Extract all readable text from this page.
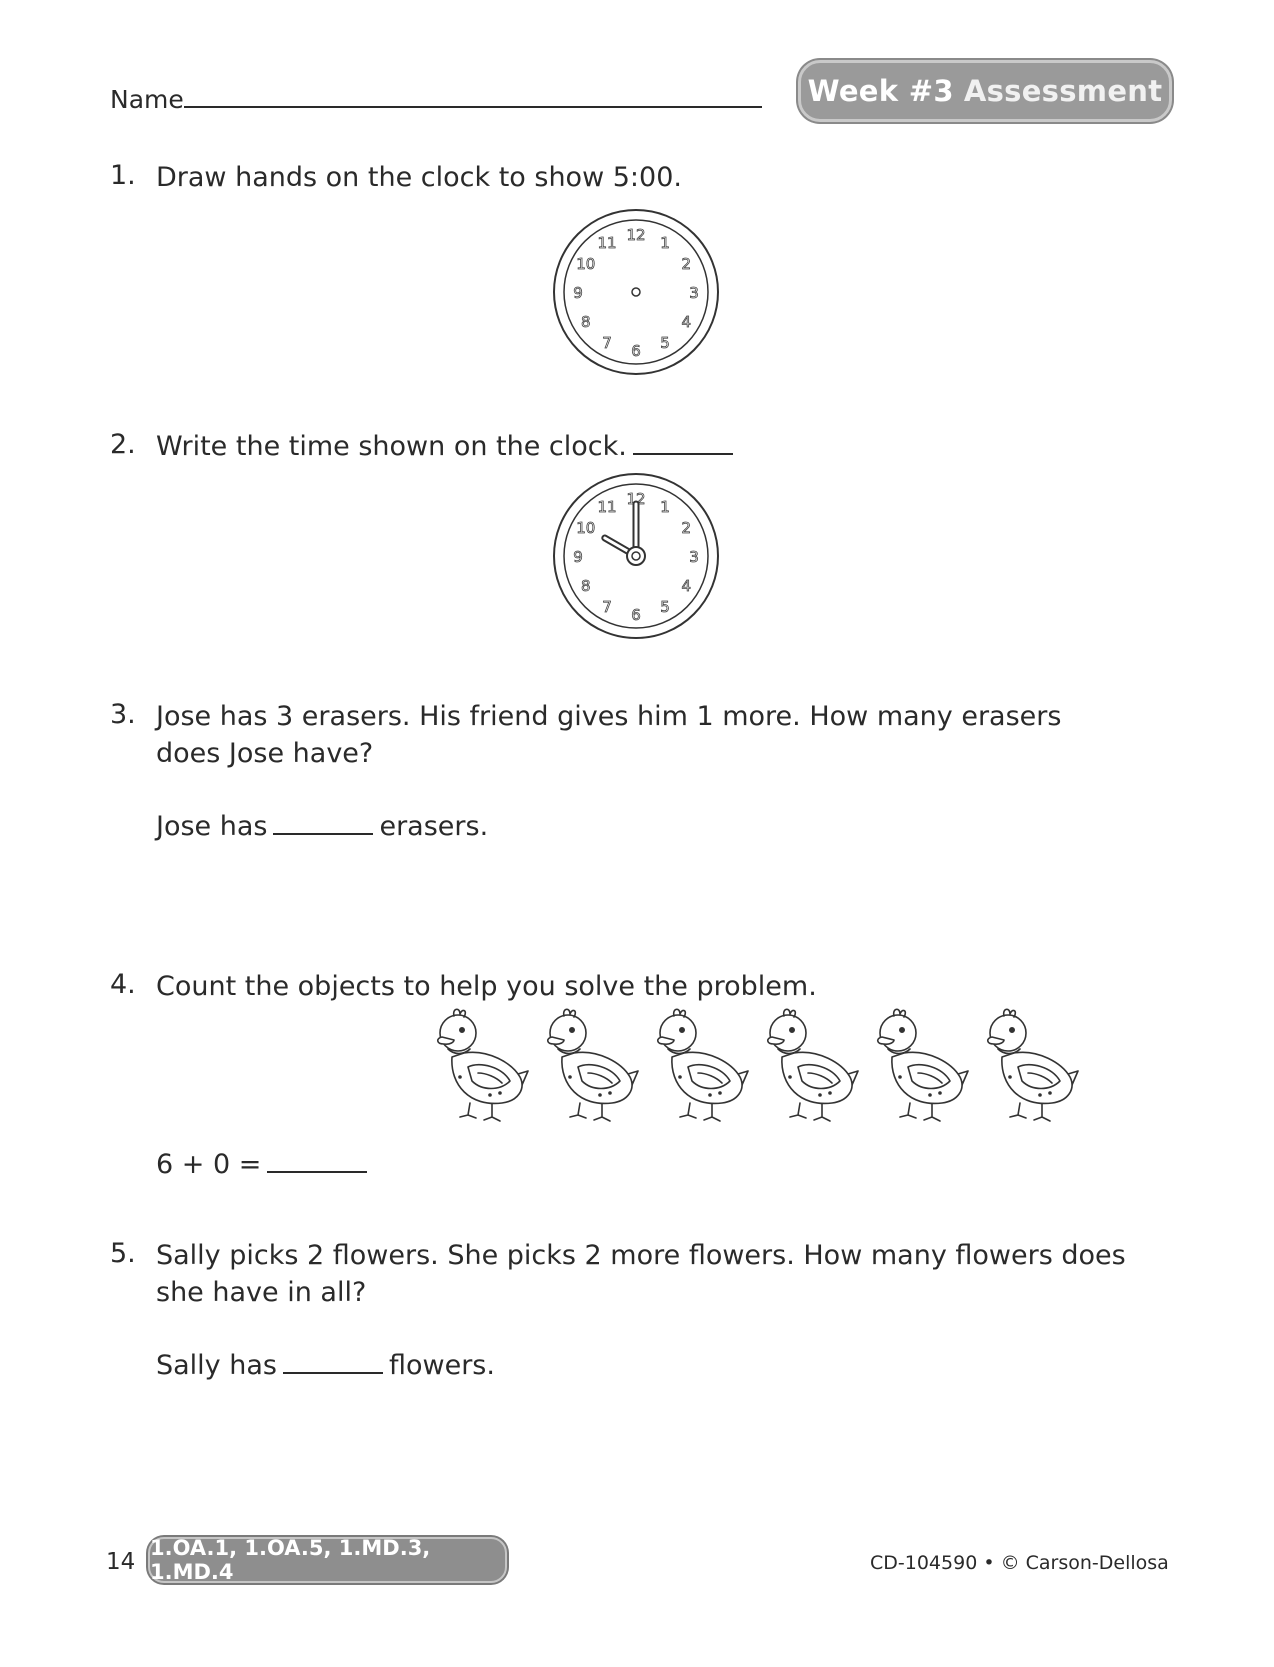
Name	Week #3 Assessment
1. Draw hands on the clock to show 5:00.
12 1
2
3
4
5
6
7
8
9
10
11
2. Write the time shown on the clock.
12 1
2
3
4
5
6
7
8
9
10
11
3. Jose has 3 erasers. His friend gives him 1 more. How many erasers does Jose have?
Jose has	erasers.
4. Count the objects to help you solve the problem.
6 + 0 =
5. Sally picks 2 flowers. She picks 2 more flowers. How many flowers does she have in all?
Sally has	flowers.
14
1.OA.1, 1.OA.5, 1.MD.3, 1.MD.4	CD-104590 • © Carson-Dellosa
